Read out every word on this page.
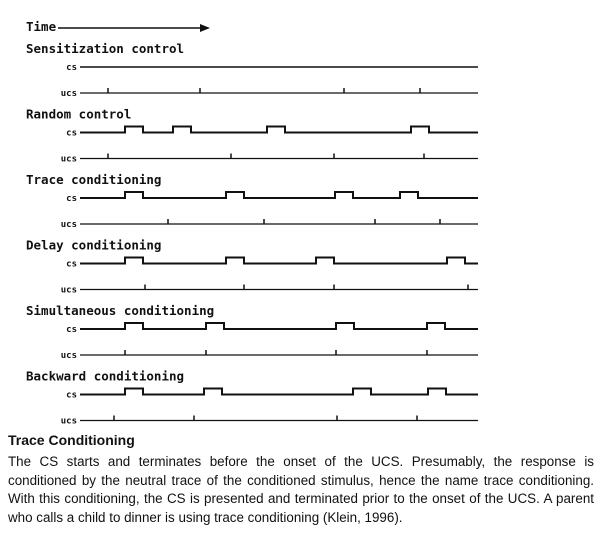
Time
Sensitization control
cs
ucs
Random control
cs
ucs
Trace conditioning
cs
ucs
Delay conditioning
cs
ucs
Simultaneous conditioning
cs
ucs
Backward conditioning
cs
ucs
Trace Conditioning

The CS starts and terminates before the onset of the UCS. Presumably, the response is conditioned by the neutral trace of the conditioned stimulus, hence the name trace conditioning. With this conditioning, the CS is presented and terminated prior to the onset of the UCS. A parent who calls a child to dinner is using trace conditioning (Klein, 1996).
